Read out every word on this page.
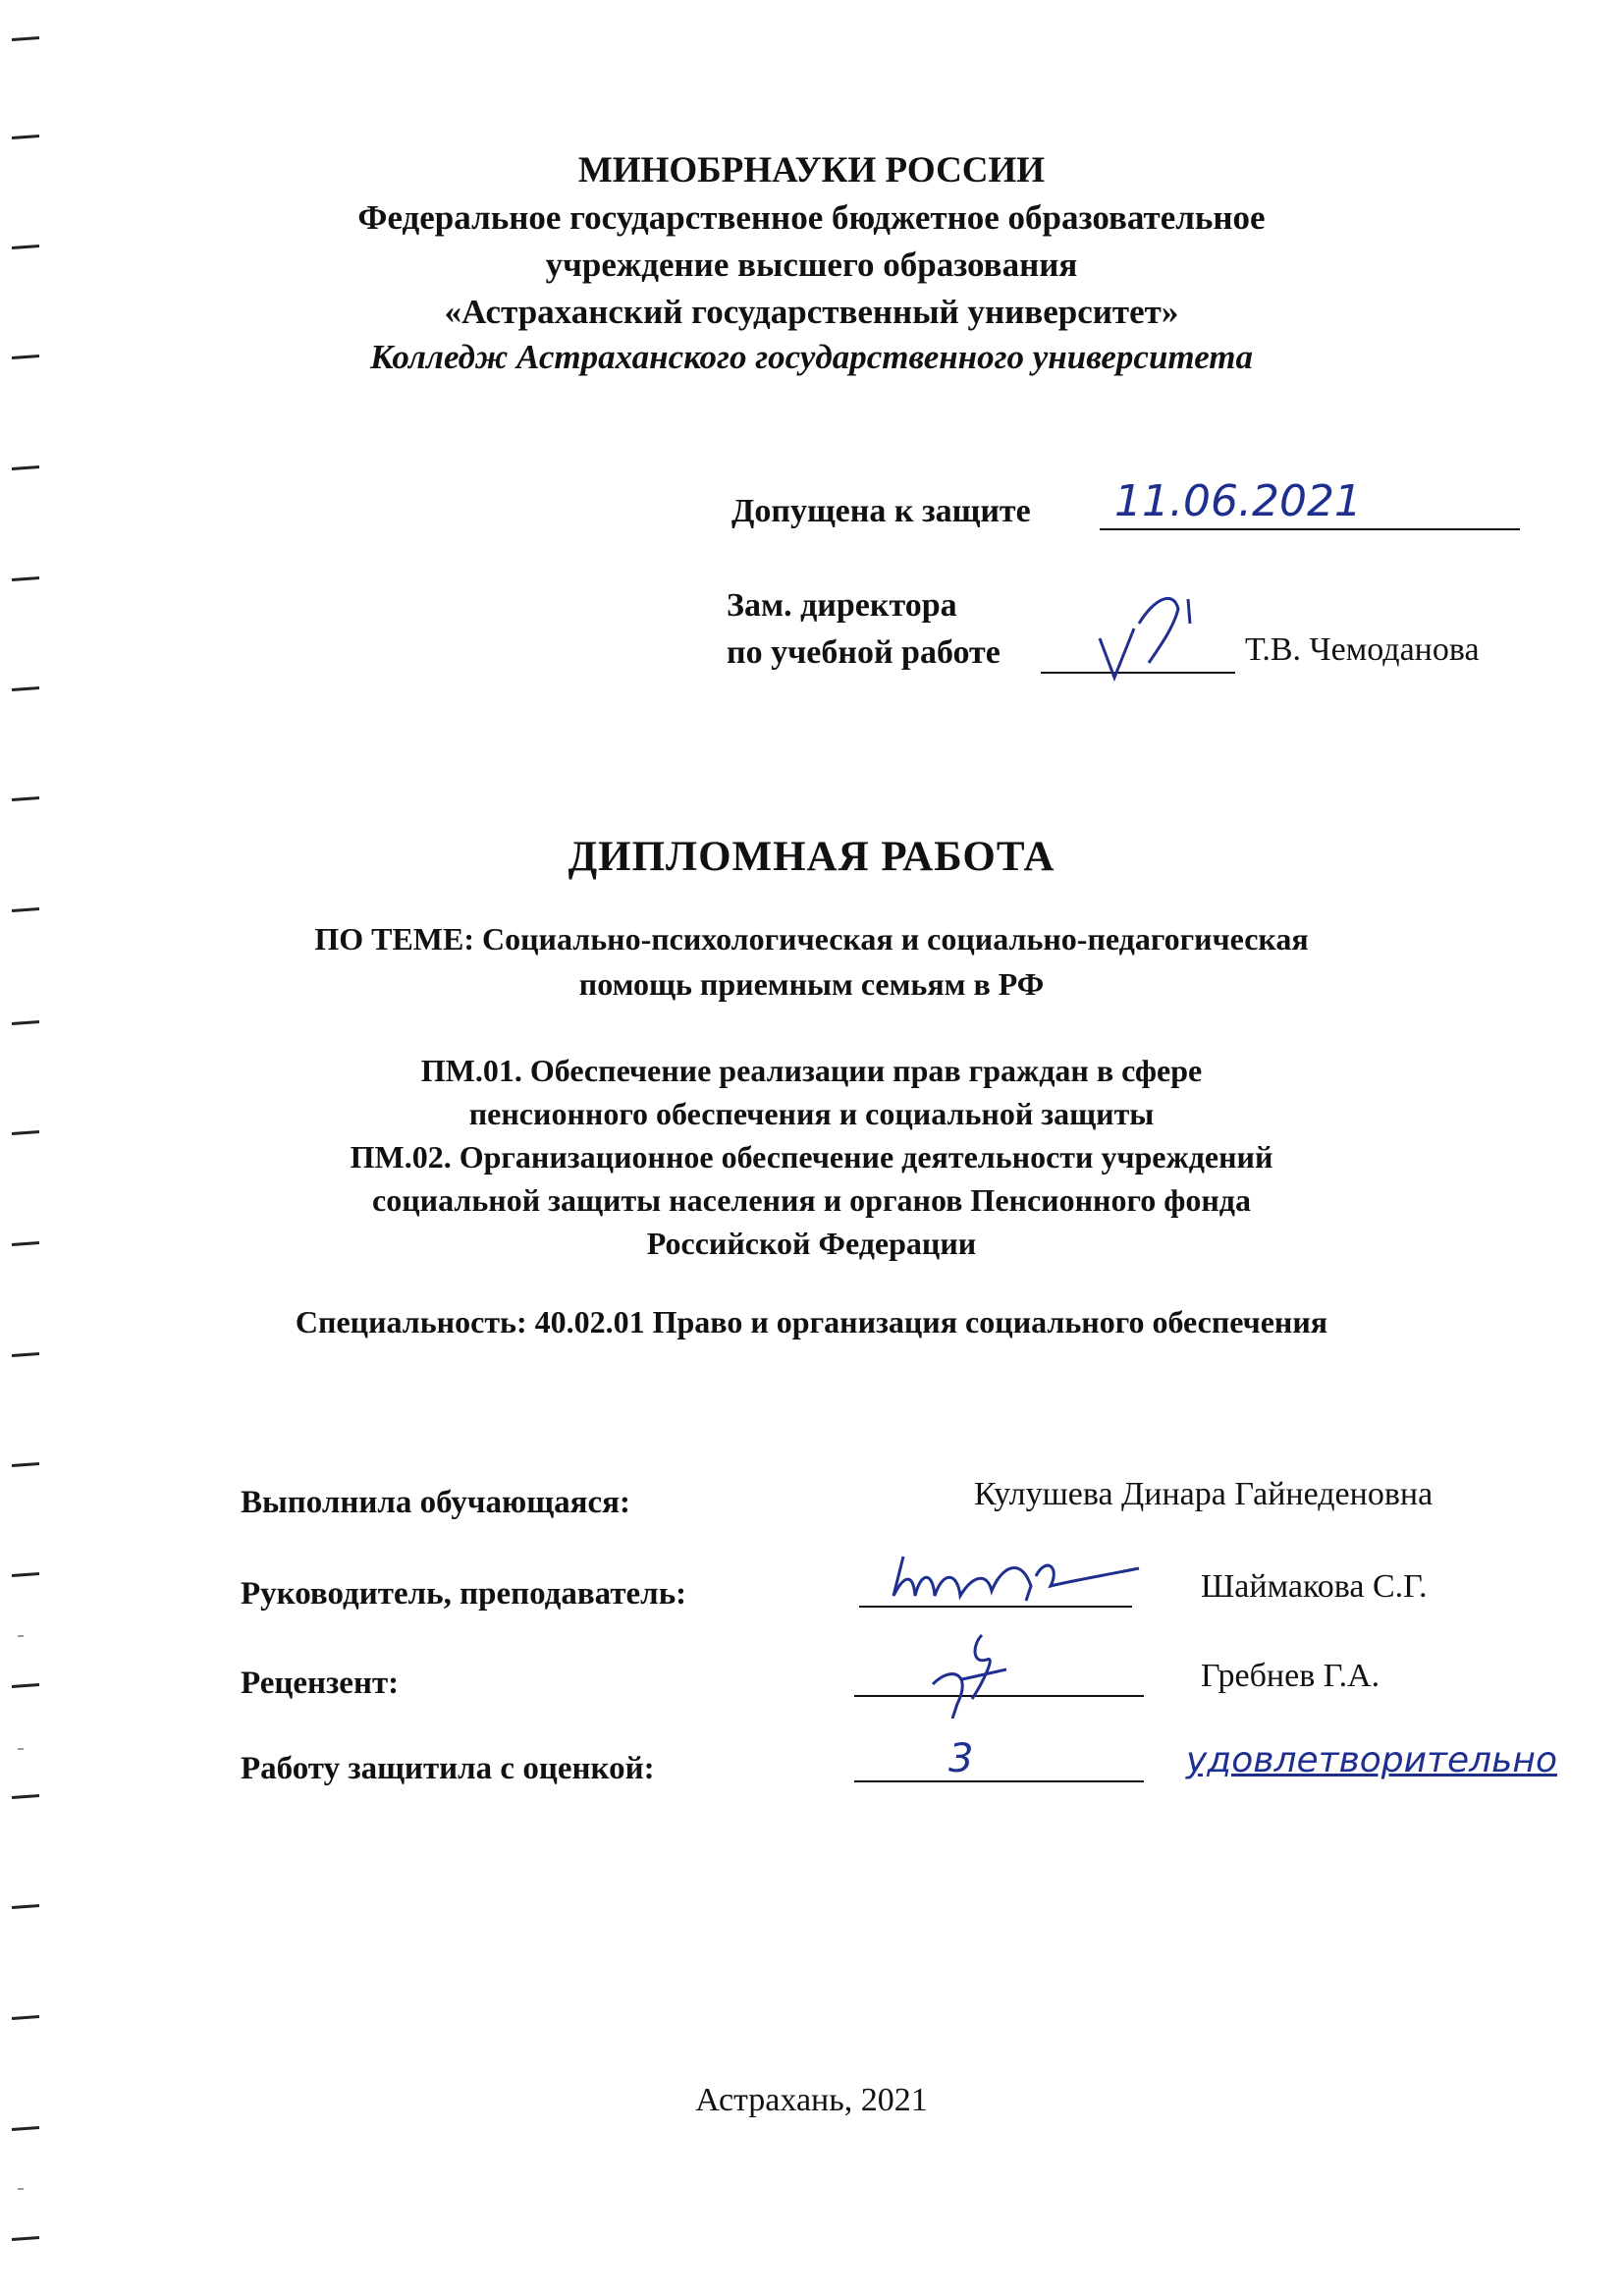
МИНОБРНАУКИ РОССИИ
Федеральное государственное бюджетное образовательное
учреждение высшего образования
«Астраханский государственный университет»
Колледж Астраханского государственного университета
Допущена к защите 11.06.2021
Зам. директора
по учебной работе	Т.В. Чемоданова
ДИПЛОМНАЯ РАБОТА
ПО ТЕМЕ: Социально-психологическая и социально-педагогическая
помощь приемным семьям в РФ
ПМ.01. Обеспечение реализации прав граждан в сфере
пенсионного обеспечения и социальной защиты
ПМ.02. Организационное обеспечение деятельности учреждений
социальной защиты населения и органов Пенсионного фонда
Российской Федерации
Специальность: 40.02.01 Право и организация социального обеспечения
Выполнила обучающаяся:	Кулушева Динара Гайнеденовна
Руководитель, преподаватель:	Шаймакова С.Г.
Рецензент:	Гребнев Г.А.
Работу защитила с оценкой:	3	удовлетворительно
Астрахань, 2021
